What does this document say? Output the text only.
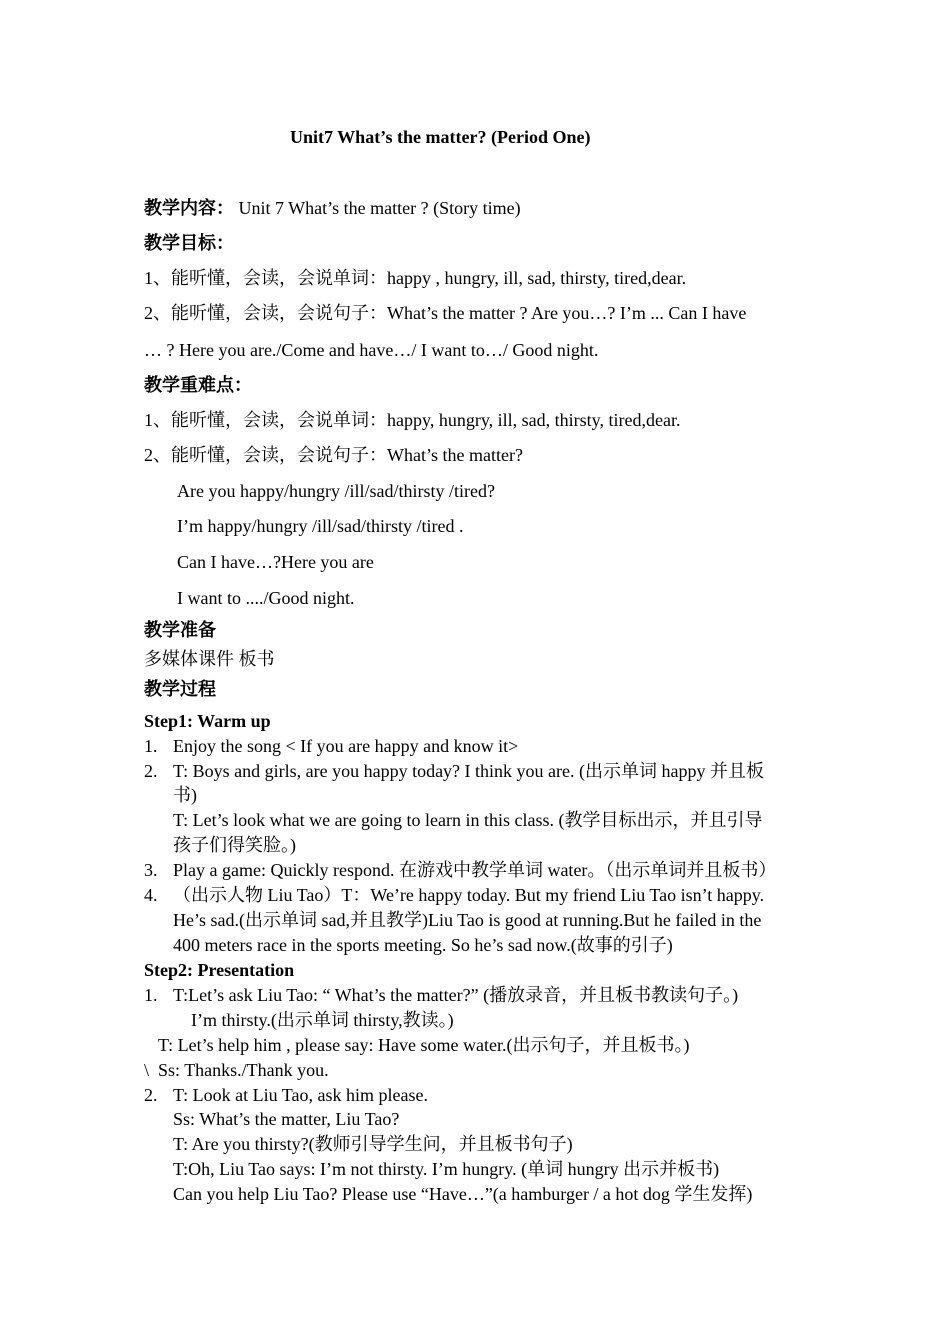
Unit7 What’s the matter? (Period One)
教学内容： Unit 7 What’s the matter ? (Story time)
教学目标：
1、能听懂，会读，会说单词：happy , hungry, ill, sad, thirsty, tired,dear.
2、能听懂，会读，会说句子：What’s the matter ? Are you…? I’m ... Can I have
… ? Here you are./Come and have…/ I want to…/ Good night.
教学重难点：
1、能听懂，会读，会说单词：happy, hungry, ill, sad, thirsty, tired,dear.
2、能听懂，会读，会说句子：What’s the matter?
Are you happy/hungry /ill/sad/thirsty /tired?
I’m happy/hungry /ill/sad/thirsty /tired .
Can I have…?Here you are
I want to ..../Good night.
教学准备
多媒体课件 板书
教学过程
Step1: Warm up
1. Enjoy the song < If you are happy and know it>
2. T: Boys and girls, are you happy today? I think you are. (出示单词 happy 并且板
书)
T: Let’s look what we are going to learn in this class. (教学目标出示，并且引导
孩子们得笑脸。)
3. Play a game: Quickly respond. 在游戏中教学单词 water。（出示单词并且板书）
4. （出示人物 Liu Tao）T：We’re happy today. But my friend Liu Tao isn’t happy.
He’s sad.(出示单词 sad,并且教学)Liu Tao is good at running.But he failed in the
400 meters race in the sports meeting. So he’s sad now.(故事的引子)
Step2: Presentation
1. T:Let’s ask Liu Tao: “ What’s the matter?” (播放录音，并且板书教读句子。)
I’m thirsty.(出示单词 thirsty,教读。)
T: Let’s help him , please say: Have some water.(出示句子，并且板书。)
\ Ss: Thanks./Thank you.
2. T: Look at Liu Tao, ask him please.
Ss: What’s the matter, Liu Tao?
T: Are you thirsty?(教师引导学生问，并且板书句子)
T:Oh, Liu Tao says: I’m not thirsty. I’m hungry. (单词 hungry 出示并板书)
Can you help Liu Tao? Please use “Have…”(a hamburger / a hot dog 学生发挥)
